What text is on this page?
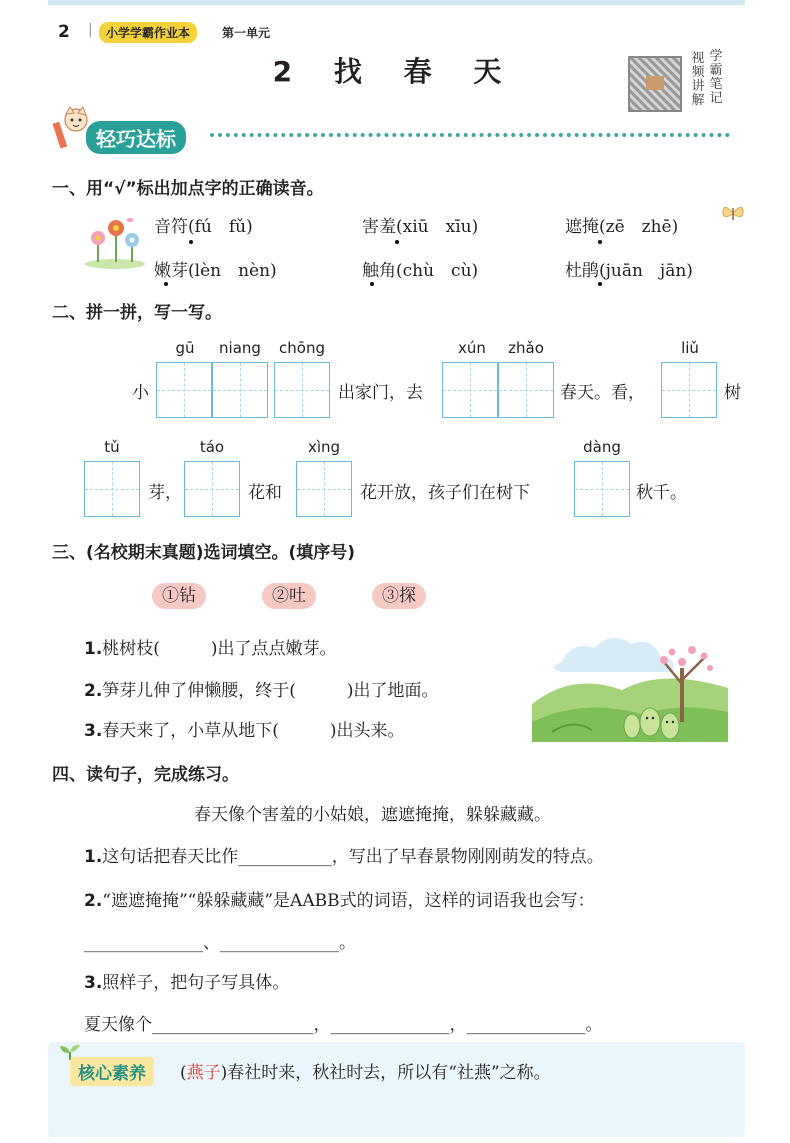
2 |	小学学霸作业本	第一单元
2 找 春 天	视频讲解
学霸笔记
轻巧达标
一、用“√”标出加点字的正确读音。
音符(fú　fǔ)	害羞(xiū　xīu)	遮掩(zē　zhē)
嫩芽(lèn　nèn)	触角(chù　cù)	杜鹃(juān　jān)
二、拼一拼，写一写。
gū	niang	chōng	xún	zhǎo	liǔ
小	出家门，去	春天。看，	树
tǔ	táo	xìng	dàng
芽，	花和	花开放，孩子们在树下	秋千。
三、(名校期末真题)选词填空。(填序号)
①钻	②吐	③探
1.桃树枝(　　　)出了点点嫩芽。
2.笋芽儿伸了伸懒腰，终于(　　　)出了地面。
3.春天来了，小草从地下(　　　)出头来。
四、读句子，完成练习。
春天像个害羞的小姑娘，遮遮掩掩，躲躲藏藏。
1.这句话把春天比作___________，写出了早春景物刚刚萌发的特点。
2.“遮遮掩掩”“躲躲藏藏”是AABB式的词语，这样的词语我也会写：
______________、______________。
3.照样子，把句子写具体。
夏天像个___________________，______________，______________。
核心素养	(燕子)春社时来，秋社时去，所以有“社燕”之称。
